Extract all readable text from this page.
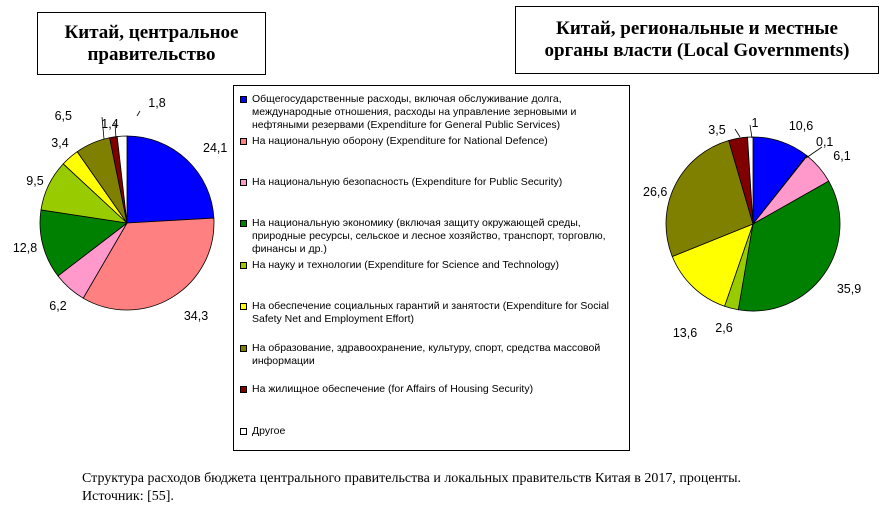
Китай, центральное
правительство
Китай, региональные и местные
органы власти (Local Governments)
24,1
34,3
6,2
12,8
9,5
3,4
6,5
1,4
1,8
10,6
0,1
6,1
35,9
2,6
13,6
26,6
3,5 1
Общегосударственные расходы, включая обслуживание долга, международные отношения, расходы на управление зерновыми и нефтяными резервами (Expenditure for General Public Services)
На национальную оборону (Expenditure for National Defence)
На национальную безопасность (Expenditure for Public Security)
На национальную экономику (включая защиту окружающей среды, природные ресурсы, сельское и лесное хозяйство, транспорт, торговлю, финансы и др.)
На науку и технологии (Expenditure for Science and Technology)
На обеспечение социальных гарантий и занятости (Expenditure for Social Safety Net and Employment Effort)
На образование, здравоохранение, культуру, спорт, средства массовой информации
На жилищное обеспечение (for Affairs of Housing Security)
Другое
Структура расходов бюджета центрального правительства и локальных правительств Китая в 2017, проценты.
Источник: [55].
